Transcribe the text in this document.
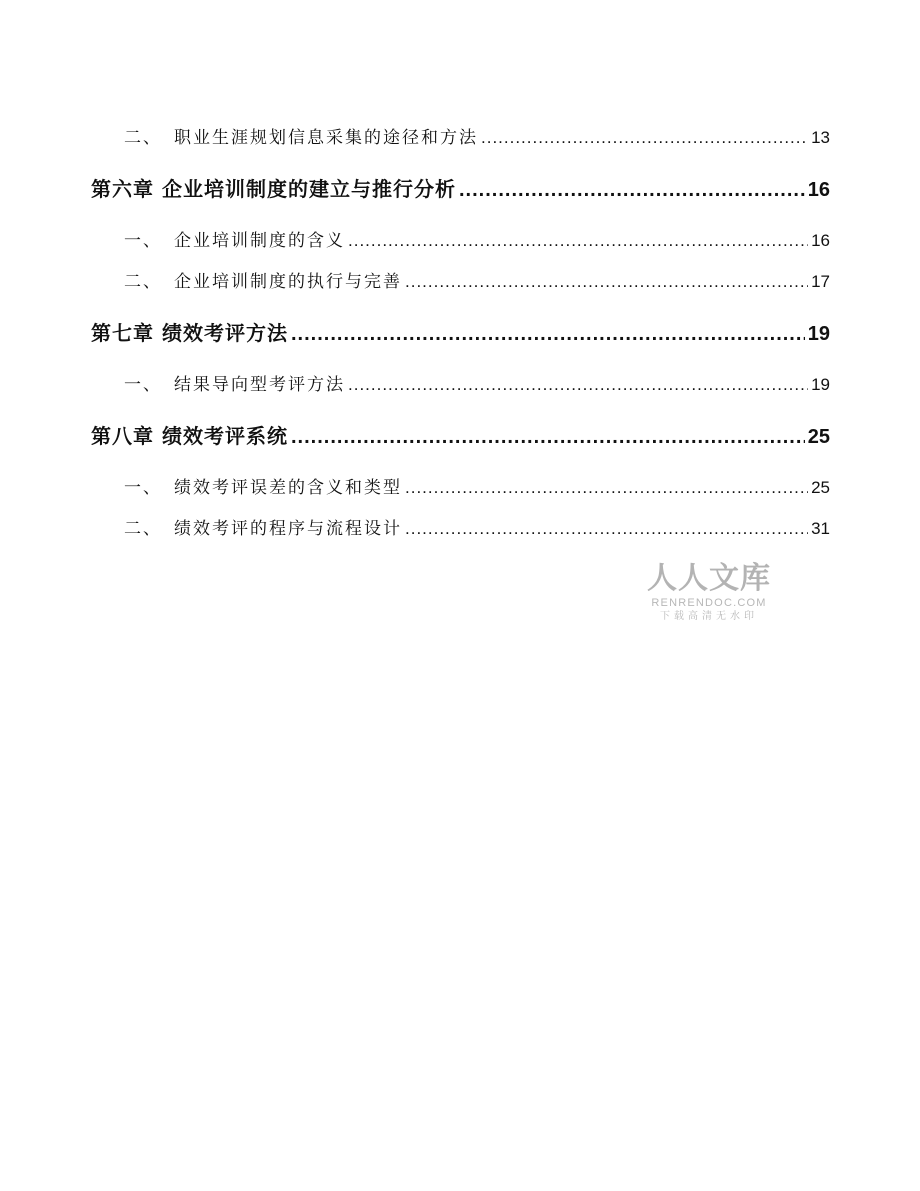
二、 职业生涯规划信息采集的途径和方法 .....	13
第六章 企业培训制度的建立与推行分析 .....	16
一、 企业培训制度的含义 .....	16
二、 企业培训制度的执行与完善 .....	17
第七章 绩效考评方法 .....	19
一、 结果导向型考评方法 .....	19
第八章 绩效考评系统 .....	25
一、 绩效考评误差的含义和类型 .....	25
二、 绩效考评的程序与流程设计 .....	31
人人文库
RENRENDOC.COM
下载高清无水印
